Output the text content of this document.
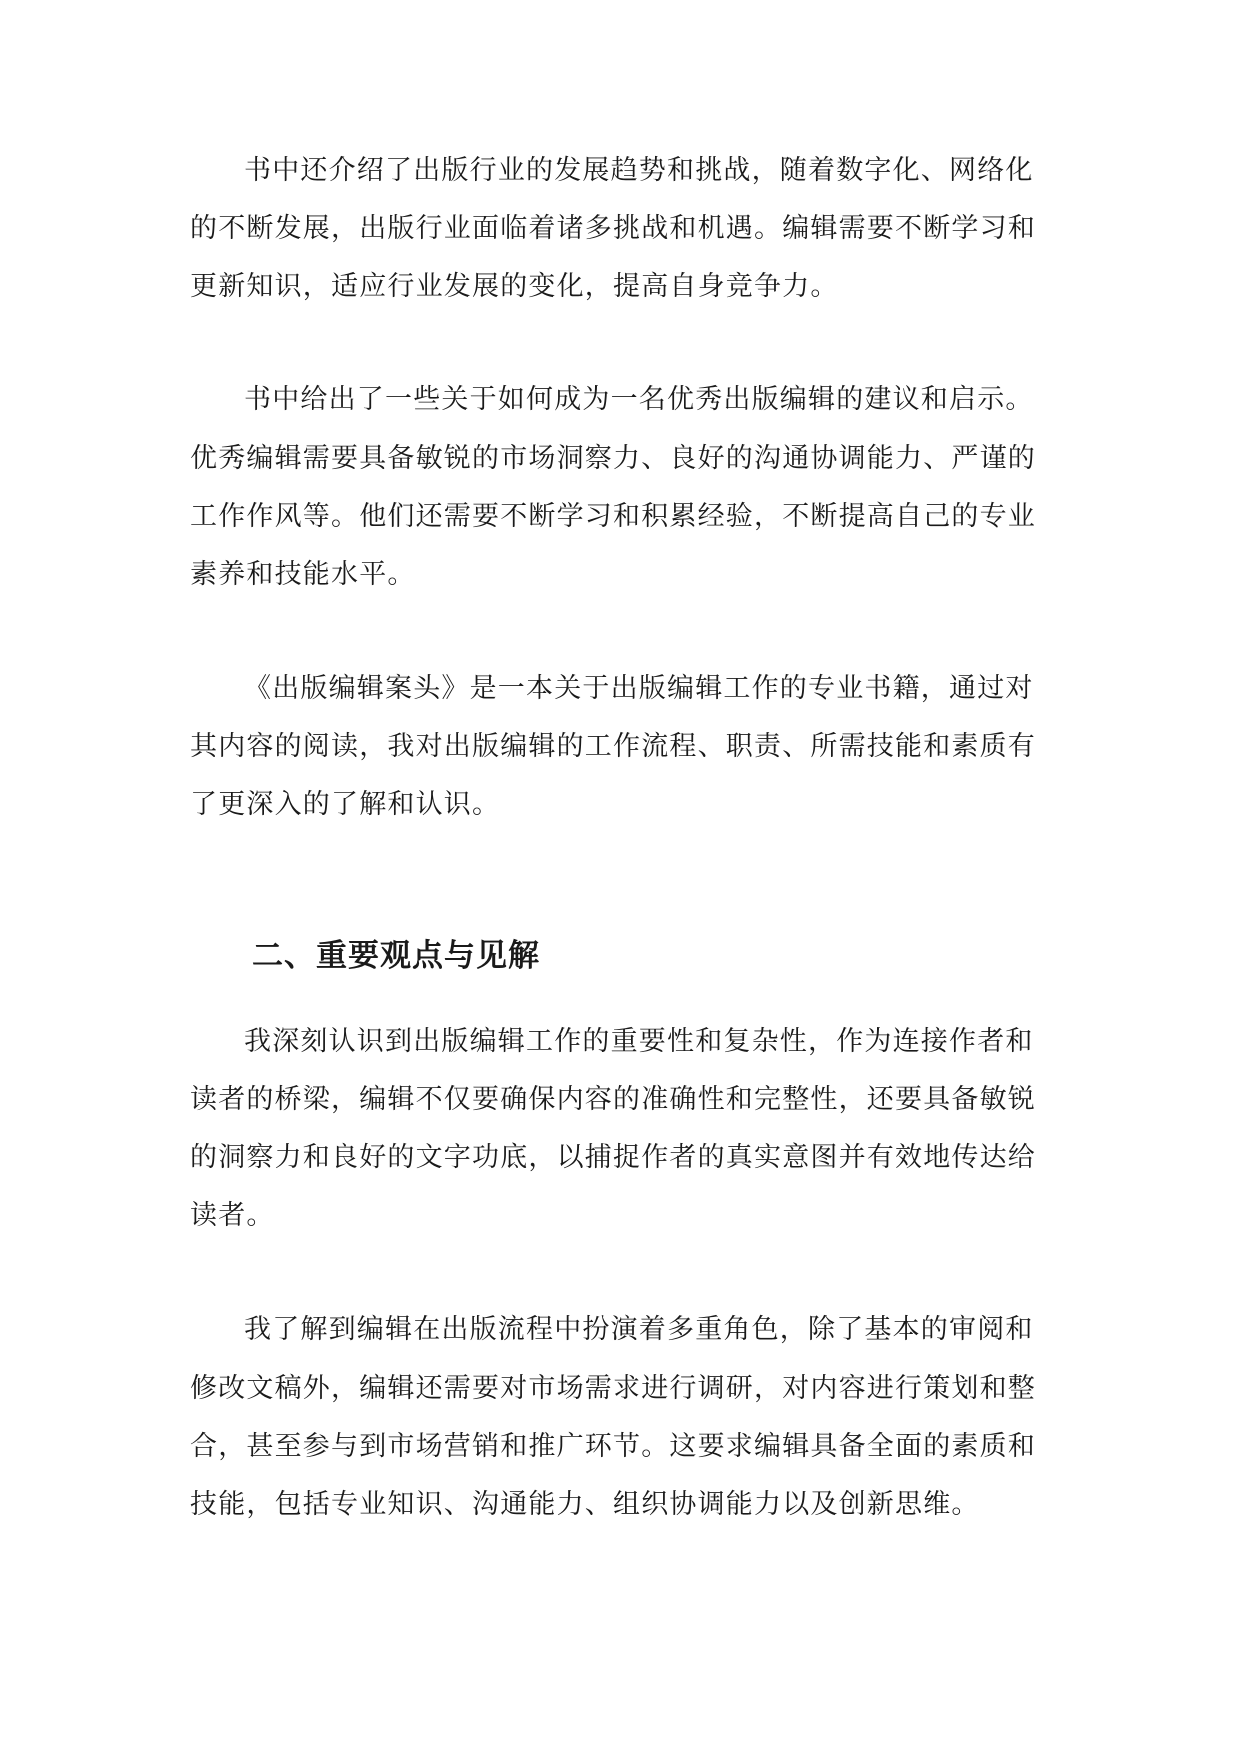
书中还介绍了出版行业的发展趋势和挑战，随着数字化、网络化
的不断发展，出版行业面临着诸多挑战和机遇。编辑需要不断学习和
更新知识，适应行业发展的变化，提高自身竞争力。
书中给出了一些关于如何成为一名优秀出版编辑的建议和启示。
优秀编辑需要具备敏锐的市场洞察力、良好的沟通协调能力、严谨的
工作作风等。他们还需要不断学习和积累经验，不断提高自己的专业
素养和技能水平。
《出版编辑案头》是一本关于出版编辑工作的专业书籍，通过对
其内容的阅读，我对出版编辑的工作流程、职责、所需技能和素质有
了更深入的了解和认识。
二、重要观点与见解
我深刻认识到出版编辑工作的重要性和复杂性，作为连接作者和
读者的桥梁，编辑不仅要确保内容的准确性和完整性，还要具备敏锐
的洞察力和良好的文字功底，以捕捉作者的真实意图并有效地传达给
读者。
我了解到编辑在出版流程中扮演着多重角色，除了基本的审阅和
修改文稿外，编辑还需要对市场需求进行调研，对内容进行策划和整
合，甚至参与到市场营销和推广环节。这要求编辑具备全面的素质和
技能，包括专业知识、沟通能力、组织协调能力以及创新思维。
